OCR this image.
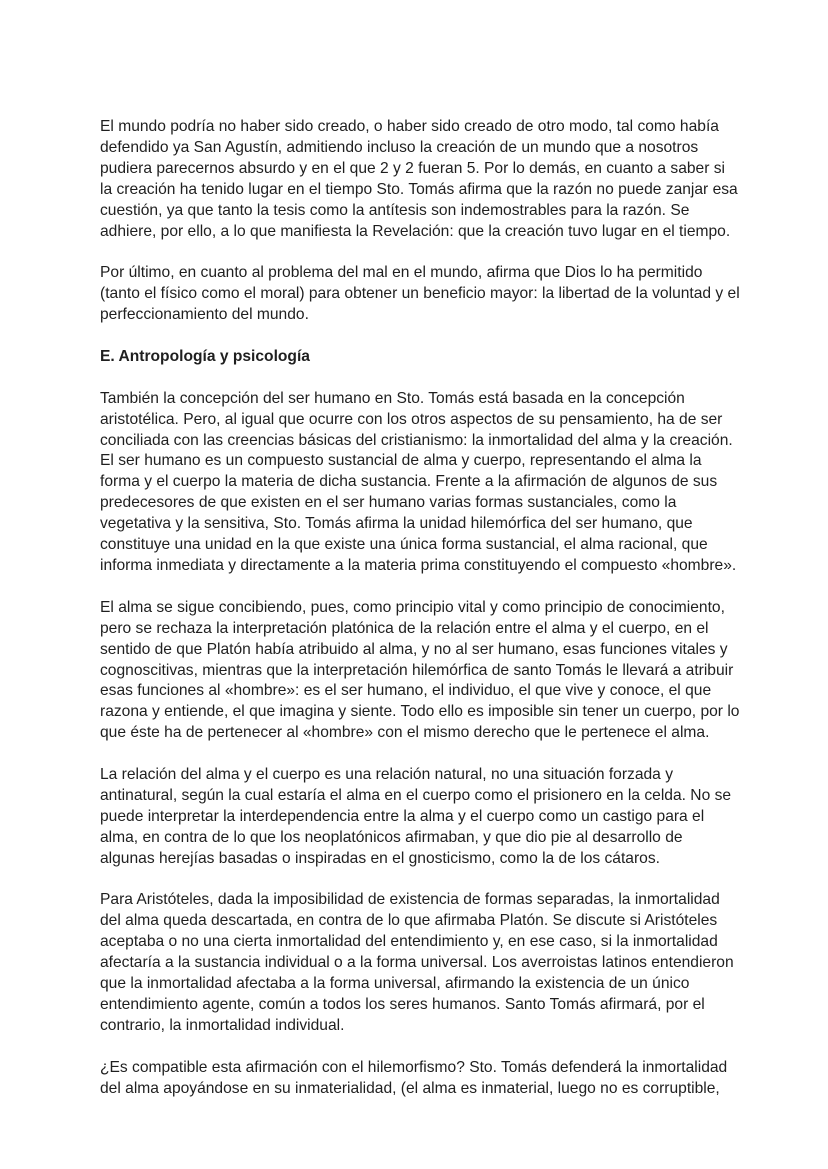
El mundo podría no haber sido creado, o haber sido creado de otro modo, tal como había
defendido ya San Agustín, admitiendo incluso la creación de un mundo que a nosotros
pudiera parecernos absurdo y en el que 2 y 2 fueran 5. Por lo demás, en cuanto a saber si
la creación ha tenido lugar en el tiempo Sto. Tomás afirma que la razón no puede zanjar esa
cuestión, ya que tanto la tesis como la antítesis son indemostrables para la razón. Se
adhiere, por ello, a lo que manifiesta la Revelación: que la creación tuvo lugar en el tiempo.

Por último, en cuanto al problema del mal en el mundo, afirma que Dios lo ha permitido
(tanto el físico como el moral) para obtener un beneficio mayor: la libertad de la voluntad y el
perfeccionamiento del mundo.

E. Antropología y psicología

También la concepción del ser humano en Sto. Tomás está basada en la concepción
aristotélica. Pero, al igual que ocurre con los otros aspectos de su pensamiento, ha de ser
conciliada con las creencias básicas del cristianismo: la inmortalidad del alma y la creación.
El ser humano es un compuesto sustancial de alma y cuerpo, representando el alma la
forma y el cuerpo la materia de dicha sustancia. Frente a la afirmación de algunos de sus
predecesores de que existen en el ser humano varias formas sustanciales, como la
vegetativa y la sensitiva, Sto. Tomás afirma la unidad hilemórfica del ser humano, que
constituye una unidad en la que existe una única forma sustancial, el alma racional, que
informa inmediata y directamente a la materia prima constituyendo el compuesto «hombre».

El alma se sigue concibiendo, pues, como principio vital y como principio de conocimiento,
pero se rechaza la interpretación platónica de la relación entre el alma y el cuerpo, en el
sentido de que Platón había atribuido al alma, y no al ser humano, esas funciones vitales y
cognoscitivas, mientras que la interpretación hilemórfica de santo Tomás le llevará a atribuir
esas funciones al «hombre»: es el ser humano, el individuo, el que vive y conoce, el que
razona y entiende, el que imagina y siente. Todo ello es imposible sin tener un cuerpo, por lo
que éste ha de pertenecer al «hombre» con el mismo derecho que le pertenece el alma.

La relación del alma y el cuerpo es una relación natural, no una situación forzada y
antinatural, según la cual estaría el alma en el cuerpo como el prisionero en la celda. No se
puede interpretar la interdependencia entre la alma y el cuerpo como un castigo para el
alma, en contra de lo que los neoplatónicos afirmaban, y que dio pie al desarrollo de
algunas herejías basadas o inspiradas en el gnosticismo, como la de los cátaros.

Para Aristóteles, dada la imposibilidad de existencia de formas separadas, la inmortalidad
del alma queda descartada, en contra de lo que afirmaba Platón. Se discute si Aristóteles
aceptaba o no una cierta inmortalidad del entendimiento y, en ese caso, si la inmortalidad
afectaría a la sustancia individual o a la forma universal. Los averroistas latinos entendieron
que la inmortalidad afectaba a la forma universal, afirmando la existencia de un único
entendimiento agente, común a todos los seres humanos. Santo Tomás afirmará, por el
contrario, la inmortalidad individual.

¿Es compatible esta afirmación con el hilemorfismo? Sto. Tomás defenderá la inmortalidad
del alma apoyándose en su inmaterialidad, (el alma es inmaterial, luego no es corruptible,
